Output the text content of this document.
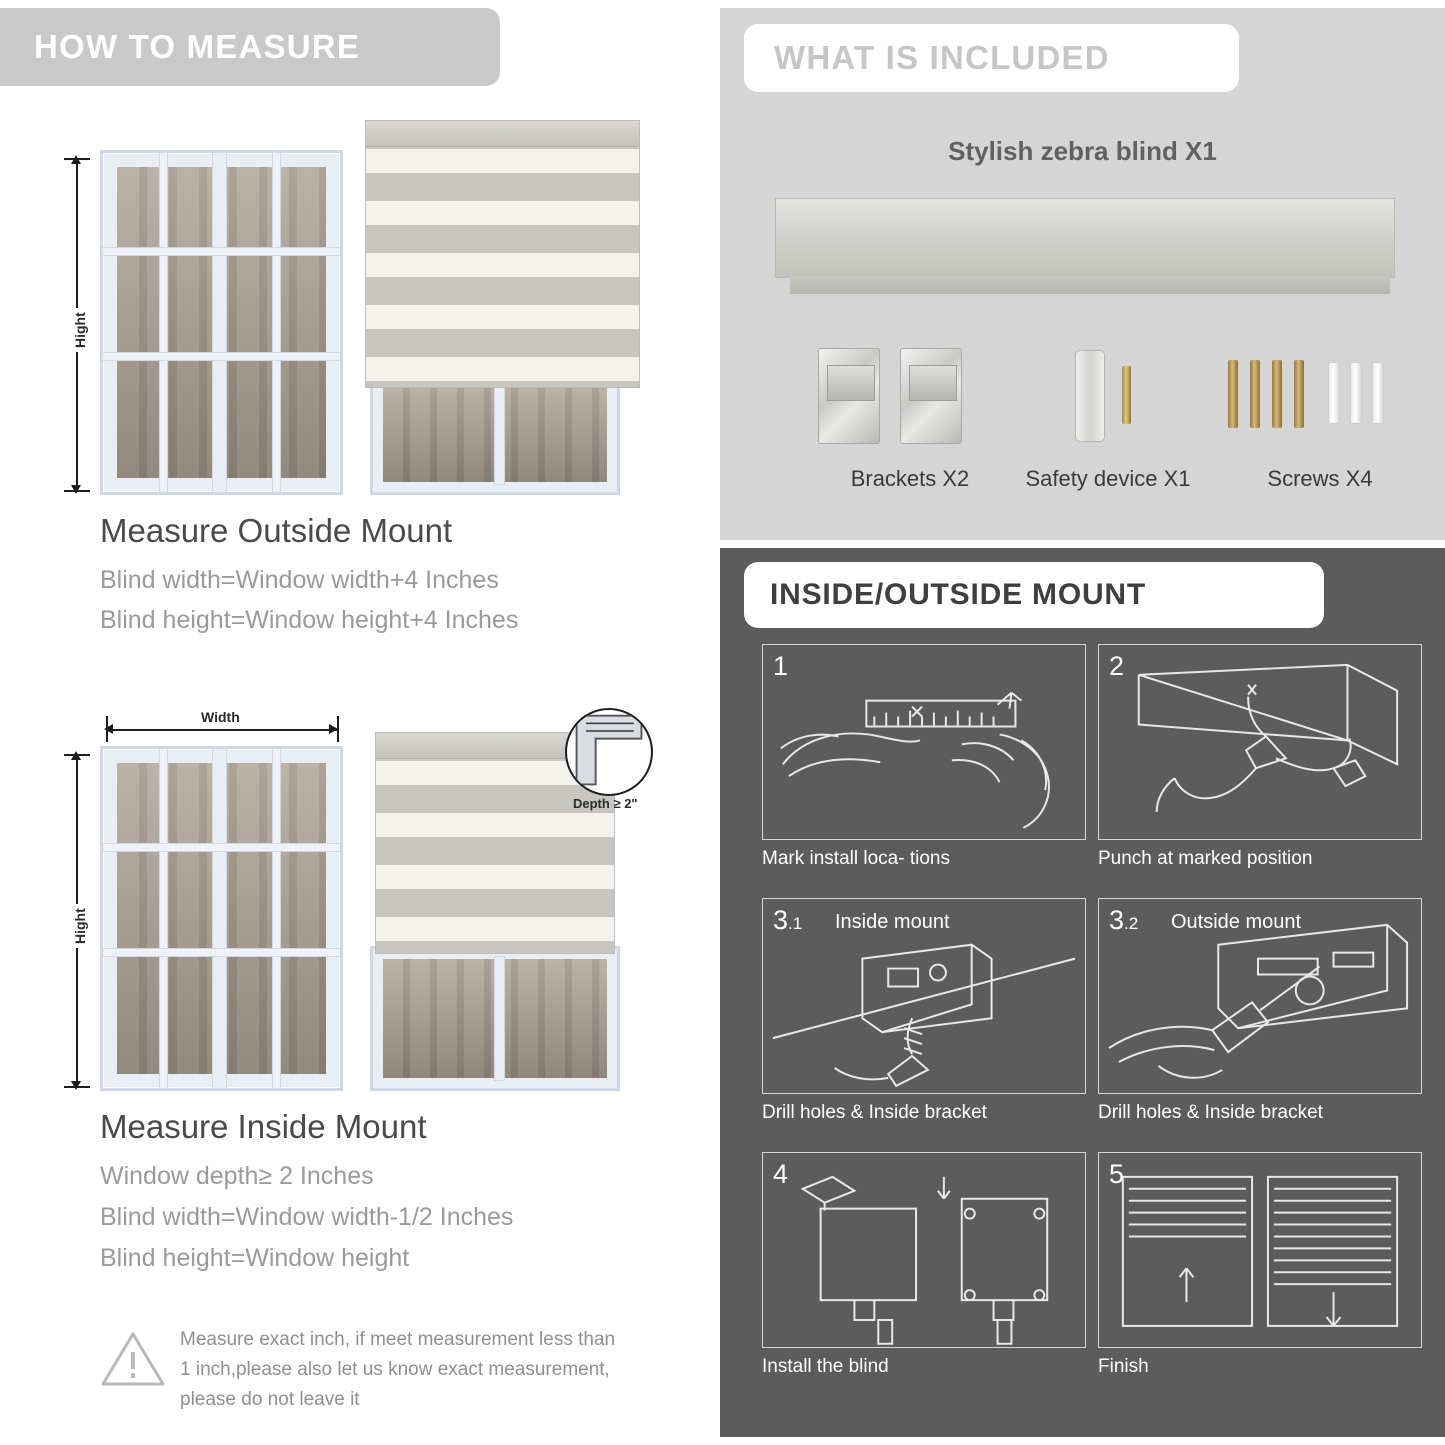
HOW TO MEASURE
Hight
Measure Outside Mount
Blind width=Window width+4 Inches
Blind height=Window height+4 Inches
Width
Hight
Depth ≥ 2"
Measure Inside Mount
Window depth≥ 2 Inches
Blind width=Window width-1/2 Inches
Blind height=Window height
Measure exact inch, if meet measurement less than 1 inch,please also let us know exact measurement, please do not leave it
WHAT IS INCLUDED
Stylish zebra blind X1
Brackets X2	Safety device X1	Screws X4
INSIDE/OUTSIDE MOUNT
1
Mark install loca- tions
2
Punch at marked position
3.1 Inside mount
Drill holes & Inside bracket
3.2 Outside mount
Drill holes & Inside bracket
4
Install the blind
5
Finish
